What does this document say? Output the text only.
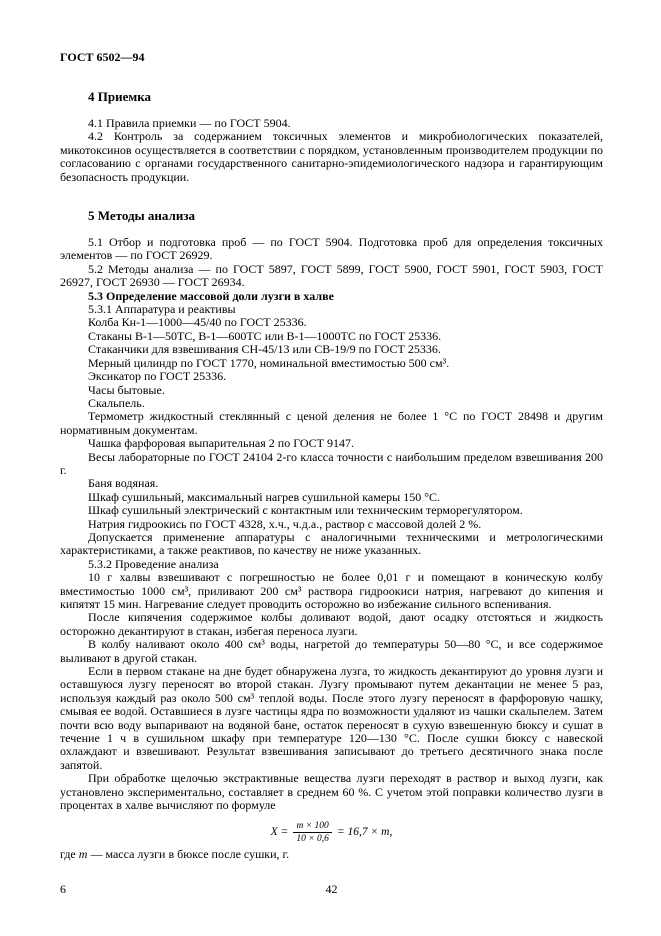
ГОСТ 6502—94
4 Приемка

4.1 Правила приемки — по ГОСТ 5904.

4.2 Контроль за содержанием токсичных элементов и микробиологических показателей, микотоксинов осуществляется в соответствии с порядком, установленным производителем продукции по согласованию с органами государственного санитарно-эпидемиологического надзора и гарантирующим безопасность продукции.

5 Методы анализа

5.1 Отбор и подготовка проб — по ГОСТ 5904. Подготовка проб для определения токсичных элементов — по ГОСТ 26929.

5.2 Методы анализа — по ГОСТ 5897, ГОСТ 5899, ГОСТ 5900, ГОСТ 5901, ГОСТ 5903, ГОСТ 26927, ГОСТ 26930 — ГОСТ 26934.

5.3 Определение массовой доли лузги в халве

5.3.1 Аппаратура и реактивы

Колба Кн-1—1000—45/40 по ГОСТ 25336.

Стаканы В-1—50ТС, В-1—600ТС или В-1—1000ТС по ГОСТ 25336.

Стаканчики для взвешивания СН-45/13 или СВ-19/9 по ГОСТ 25336.

Мерный цилиндр по ГОСТ 1770, номинальной вместимостью 500 см³.

Эксикатор по ГОСТ 25336.

Часы бытовые.

Скальпель.

Термометр жидкостный стеклянный с ценой деления не более 1 °С по ГОСТ 28498 и другим нормативным документам.

Чашка фарфоровая выпарительная 2 по ГОСТ 9147.

Весы лабораторные по ГОСТ 24104 2-го класса точности с наибольшим пределом взвешивания 200 г.

Баня водяная.

Шкаф сушильный, максимальный нагрев сушильной камеры 150 °С.

Шкаф сушильный электрический с контактным или техническим терморегулятором.

Натрия гидроокись по ГОСТ 4328, х.ч., ч.д.а., раствор с массовой долей 2 %.

Допускается применение аппаратуры с аналогичными техническими и метрологическими характеристиками, а также реактивов, по качеству не ниже указанных.

5.3.2 Проведение анализа

10 г халвы взвешивают с погрешностью не более 0,01 г и помещают в коническую колбу вместимостью 1000 см³, приливают 200 см³ раствора гидроокиси натрия, нагревают до кипения и кипятят 15 мин. Нагревание следует проводить осторожно во избежание сильного вспенивания.

После кипячения содержимое колбы доливают водой, дают осадку отстояться и жидкость осторожно декантируют в стакан, избегая переноса лузги.

В колбу наливают около 400 см³ воды, нагретой до температуры 50—80 °С, и все содержимое выливают в другой стакан.

Если в первом стакане на дне будет обнаружена лузга, то жидкость декантируют до уровня лузги и оставшуюся лузгу переносят во второй стакан. Лузгу промывают путем декантации не менее 5 раз, используя каждый раз около 500 см³ теплой воды. После этого лузгу переносят в фарфоровую чашку, смывая ее водой. Оставшиеся в лузге частицы ядра по возможности удаляют из чашки скальпелем. Затем почти всю воду выпаривают на водяной бане, остаток переносят в сухую взвешенную бюксу и сушат в течение 1 ч в сушильном шкафу при температуре 120—130 °С. После сушки бюксу с навеской охлаждают и взвешивают. Результат взвешивания записывают до третьего десятичного знака после запятой.

При обработке щелочью экстрактивные вещества лузги переходят в раствор и выход лузги, как установлено экспериментально, составляет в среднем 60 %. С учетом этой поправки количество лузги в процентах в халве вычисляют по формуле

$Х = \frac{m \times 100}{10 \times 0,6} = 16,7 \times m$,

где m — масса лузги в бюксе после сушки, г.

6	42
